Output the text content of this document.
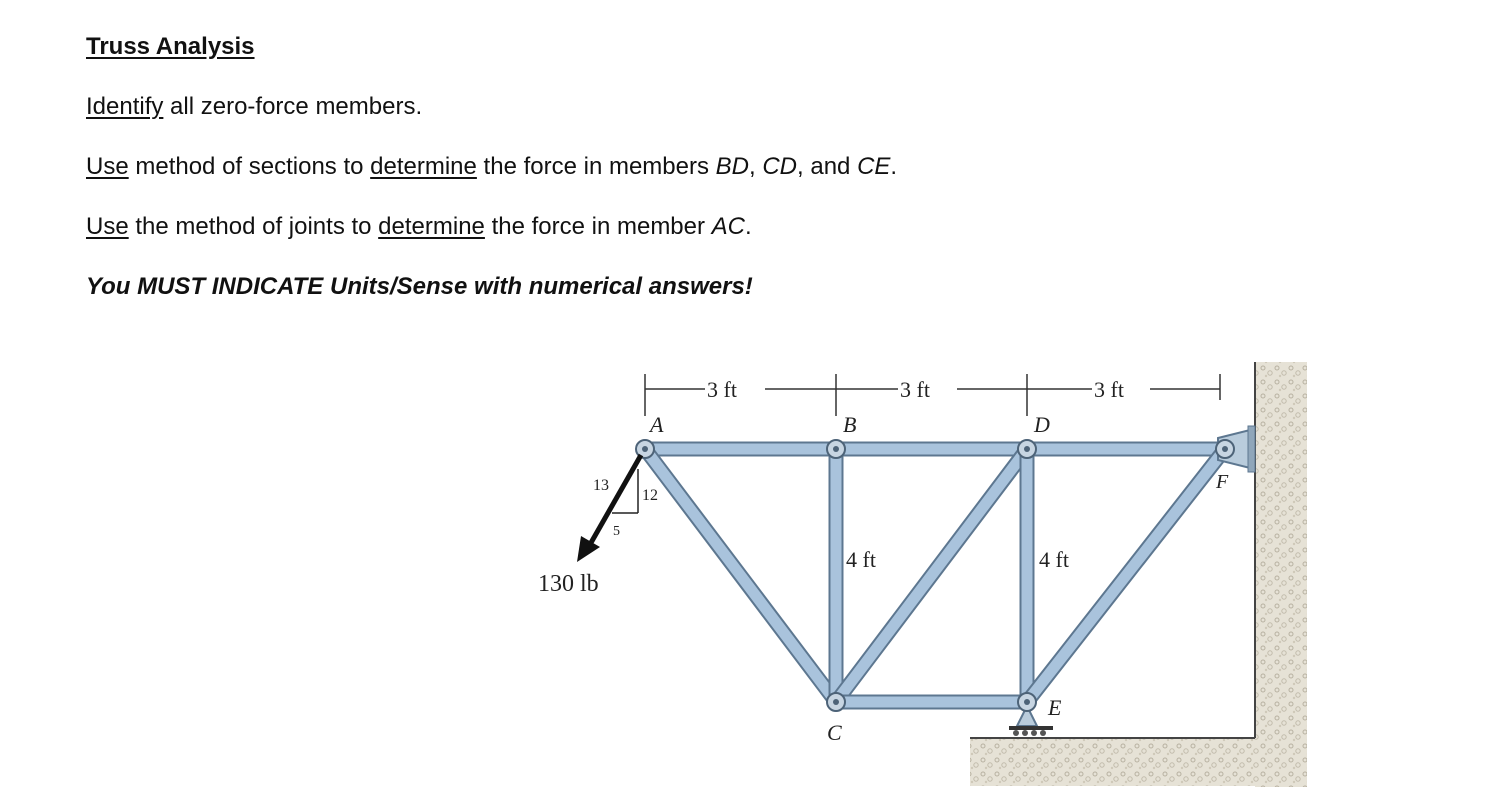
Truss Analysis
Identify all zero-force members.
Use method of sections to determine the force in members BD, CD, and CE.
Use the method of joints to determine the force in member AC.
You MUST INDICATE Units/Sense with numerical answers!
3 ft	3 ft	3 ft
4 ft	4 ft
A	B
C
D
E
F
130 lb
13
12
5
